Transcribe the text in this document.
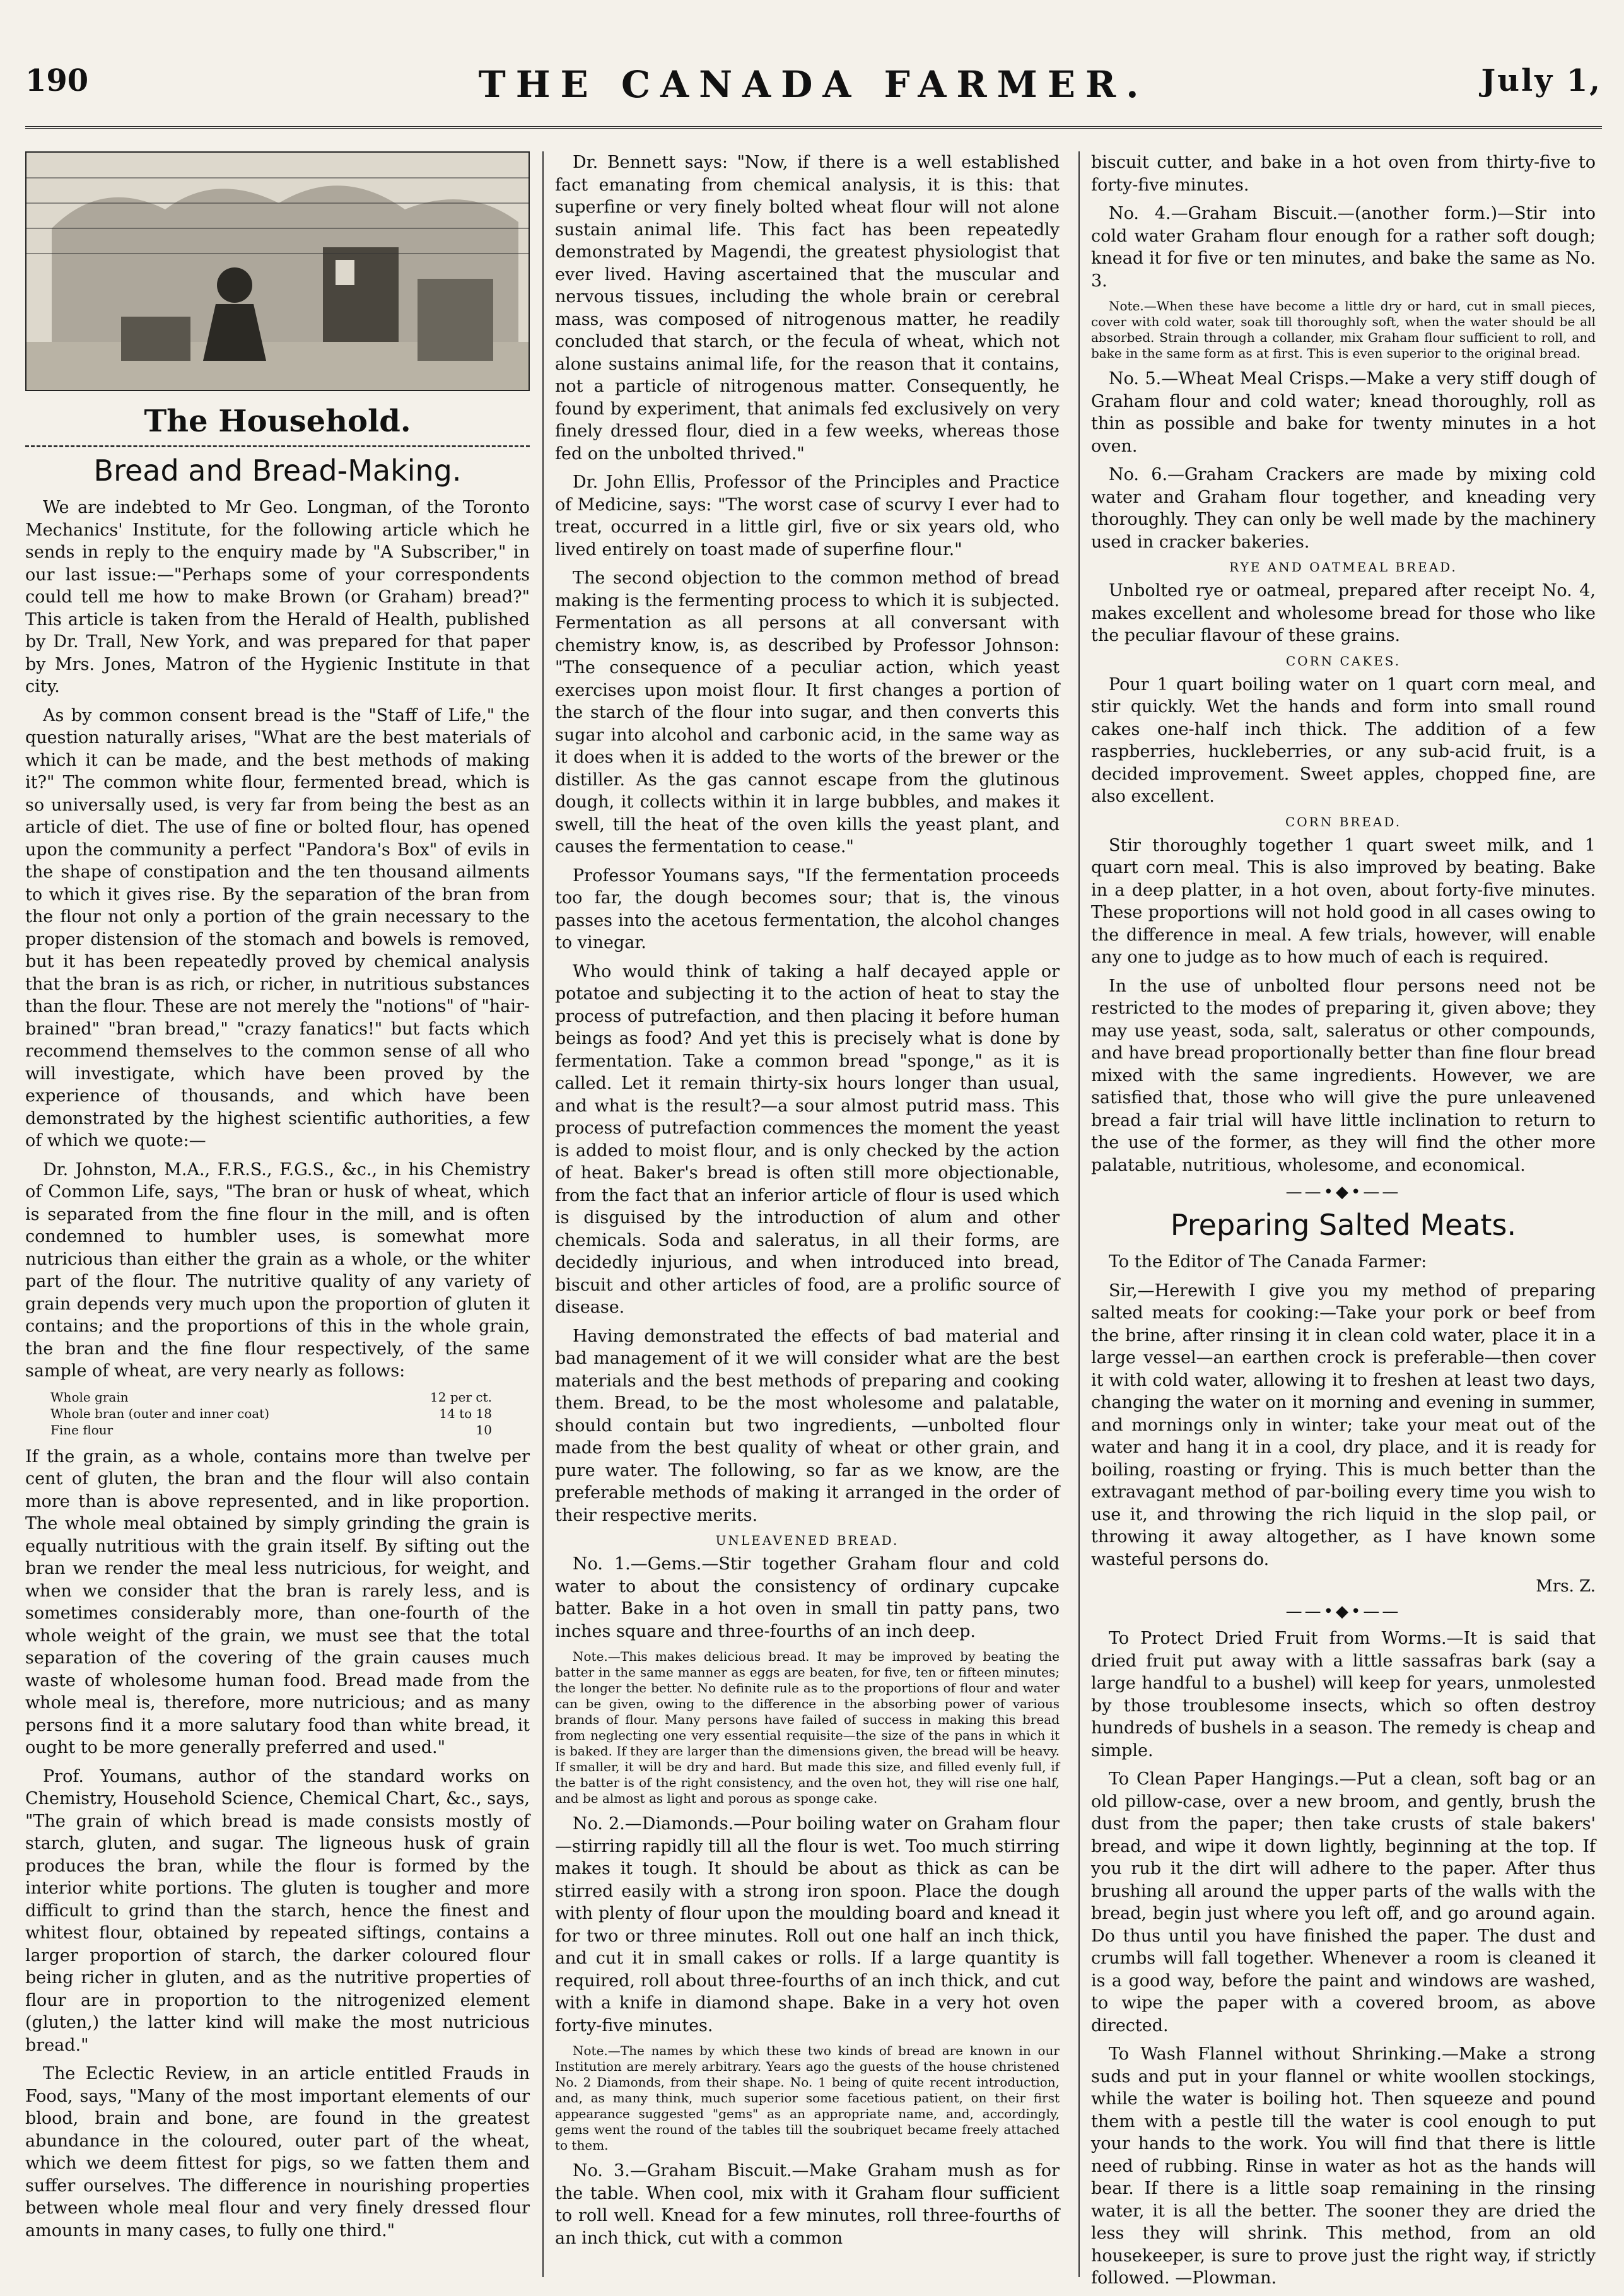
190	THE CANADA FARMER.	July 1,
The Household.
Bread and Bread-Making.

We are indebted to Mr Geo. Longman, of the Toronto Mechanics' Institute, for the following article which he sends in reply to the enquiry made by "A Subscriber," in our last issue:—"Perhaps some of your correspondents could tell me how to make Brown (or Graham) bread?" This article is taken from the Herald of Health, published by Dr. Trall, New York, and was prepared for that paper by Mrs. Jones, Matron of the Hygienic Institute in that city.

As by common consent bread is the "Staff of Life," the question naturally arises, "What are the best materials of which it can be made, and the best methods of making it?" The common white flour, fermented bread, which is so universally used, is very far from being the best as an article of diet. The use of fine or bolted flour, has opened upon the community a perfect "Pandora's Box" of evils in the shape of constipation and the ten thousand ailments to which it gives rise. By the separation of the bran from the flour not only a portion of the grain necessary to the proper distension of the stomach and bowels is removed, but it has been repeatedly proved by chemical analysis that the bran is as rich, or richer, in nutritious substances than the flour. These are not merely the "notions" of "hair-brained" "bran bread," "crazy fanatics!" but facts which recommend themselves to the common sense of all who will investigate, which have been proved by the experience of thousands, and which have been demonstrated by the highest scientific authorities, a few of which we quote:—

Dr. Johnston, M.A., F.R.S., F.G.S., &c., in his Chemistry of Common Life, says, "The bran or husk of wheat, which is separated from the fine flour in the mill, and is often condemned to humbler uses, is somewhat more nutricious than either the grain as a whole, or the whiter part of the flour. The nutritive quality of any variety of grain depends very much upon the proportion of gluten it contains; and the proportions of this in the whole grain, the bran and the fine flour respectively, of the same sample of wheat, are very nearly as follows:

Whole grain	12 per ct.
Whole bran (outer and inner coat)	14 to 18
Fine flour	10

If the grain, as a whole, contains more than twelve per cent of gluten, the bran and the flour will also contain more than is above represented, and in like proportion. The whole meal obtained by simply grinding the grain is equally nutritious with the grain itself. By sifting out the bran we render the meal less nutricious, for weight, and when we consider that the bran is rarely less, and is sometimes considerably more, than one-fourth of the whole weight of the grain, we must see that the total separation of the covering of the grain causes much waste of wholesome human food. Bread made from the whole meal is, therefore, more nutricious; and as many persons find it a more salutary food than white bread, it ought to be more generally preferred and used."

Prof. Youmans, author of the standard works on Chemistry, Household Science, Chemical Chart, &c., says, "The grain of which bread is made consists mostly of starch, gluten, and sugar. The ligneous husk of grain produces the bran, while the flour is formed by the interior white portions. The gluten is tougher and more difficult to grind than the starch, hence the finest and whitest flour, obtained by repeated siftings, contains a larger proportion of starch, the darker coloured flour being richer in gluten, and as the nutritive properties of flour are in proportion to the nitrogenized element (gluten,) the latter kind will make the most nutricious bread."

The Eclectic Review, in an article entitled Frauds in Food, says, "Many of the most important elements of our blood, brain and bone, are found in the greatest abundance in the coloured, outer part of the wheat, which we deem fittest for pigs, so we fatten them and suffer ourselves. The difference in nourishing properties between whole meal flour and very finely dressed flour amounts in many cases, to fully one third."

Dr. Bennett says: "Now, if there is a well established fact emanating from chemical analysis, it is this: that superfine or very finely bolted wheat flour will not alone sustain animal life. This fact has been repeatedly demonstrated by Magendi, the greatest physiologist that ever lived. Having ascertained that the muscular and nervous tissues, including the whole brain or cerebral mass, was composed of nitrogenous matter, he readily concluded that starch, or the fecula of wheat, which not alone sustains animal life, for the reason that it contains, not a particle of nitrogenous matter. Consequently, he found by experiment, that animals fed exclusively on very finely dressed flour, died in a few weeks, whereas those fed on the unbolted thrived."

Dr. John Ellis, Professor of the Principles and Practice of Medicine, says: "The worst case of scurvy I ever had to treat, occurred in a little girl, five or six years old, who lived entirely on toast made of superfine flour."

The second objection to the common method of bread making is the fermenting process to which it is subjected. Fermentation as all persons at all conversant with chemistry know, is, as described by Professor Johnson: "The consequence of a peculiar action, which yeast exercises upon moist flour. It first changes a portion of the starch of the flour into sugar, and then converts this sugar into alcohol and carbonic acid, in the same way as it does when it is added to the worts of the brewer or the distiller. As the gas cannot escape from the glutinous dough, it collects within it in large bubbles, and makes it swell, till the heat of the oven kills the yeast plant, and causes the fermentation to cease."

Professor Youmans says, "If the fermentation proceeds too far, the dough becomes sour; that is, the vinous passes into the acetous fermentation, the alcohol changes to vinegar.

Who would think of taking a half decayed apple or potatoe and subjecting it to the action of heat to stay the process of putrefaction, and then placing it before human beings as food? And yet this is precisely what is done by fermentation. Take a common bread "sponge," as it is called. Let it remain thirty-six hours longer than usual, and what is the result?—a sour almost putrid mass. This process of putrefaction commences the moment the yeast is added to moist flour, and is only checked by the action of heat. Baker's bread is often still more objectionable, from the fact that an inferior article of flour is used which is disguised by the introduction of alum and other chemicals. Soda and saleratus, in all their forms, are decidedly injurious, and when introduced into bread, biscuit and other articles of food, are a prolific source of disease.

Having demonstrated the effects of bad material and bad management of it we will consider what are the best materials and the best methods of preparing and cooking them. Bread, to be the most wholesome and palatable, should contain but two ingredients, —unbolted flour made from the best quality of wheat or other grain, and pure water. The following, so far as we know, are the preferable methods of making it arranged in the order of their respective merits.

UNLEAVENED BREAD.

No. 1.—Gems.—Stir together Graham flour and cold water to about the consistency of ordinary cupcake batter. Bake in a hot oven in small tin patty pans, two inches square and three-fourths of an inch deep.

Note.—This makes delicious bread. It may be improved by beating the batter in the same manner as eggs are beaten, for five, ten or fifteen minutes; the longer the better. No definite rule as to the proportions of flour and water can be given, owing to the difference in the absorbing power of various brands of flour. Many persons have failed of success in making this bread from neglecting one very essential requisite—the size of the pans in which it is baked. If they are larger than the dimensions given, the bread will be heavy. If smaller, it will be dry and hard. But made this size, and filled evenly full, if the batter is of the right consistency, and the oven hot, they will rise one half, and be almost as light and porous as sponge cake.

No. 2.—Diamonds.—Pour boiling water on Graham flour—stirring rapidly till all the flour is wet. Too much stirring makes it tough. It should be about as thick as can be stirred easily with a strong iron spoon. Place the dough with plenty of flour upon the moulding board and knead it for two or three minutes. Roll out one half an inch thick, and cut it in small cakes or rolls. If a large quantity is required, roll about three-fourths of an inch thick, and cut with a knife in diamond shape. Bake in a very hot oven forty-five minutes.

Note.—The names by which these two kinds of bread are known in our Institution are merely arbitrary. Years ago the guests of the house christened No. 2 Diamonds, from their shape. No. 1 being of quite recent introduction, and, as many think, much superior some facetious patient, on their first appearance suggested "gems" as an appropriate name, and, accordingly, gems went the round of the tables till the soubriquet became freely attached to them.

No. 3.—Graham Biscuit.—Make Graham mush as for the table. When cool, mix with it Graham flour sufficient to roll well. Knead for a few minutes, roll three-fourths of an inch thick, cut with a common

biscuit cutter, and bake in a hot oven from thirty-five to forty-five minutes.

No. 4.—Graham Biscuit.—(another form.)—Stir into cold water Graham flour enough for a rather soft dough; knead it for five or ten minutes, and bake the same as No. 3.

Note.—When these have become a little dry or hard, cut in small pieces, cover with cold water, soak till thoroughly soft, when the water should be all absorbed. Strain through a collander, mix Graham flour sufficient to roll, and bake in the same form as at first. This is even superior to the original bread.

No. 5.—Wheat Meal Crisps.—Make a very stiff dough of Graham flour and cold water; knead thoroughly, roll as thin as possible and bake for twenty minutes in a hot oven.

No. 6.—Graham Crackers are made by mixing cold water and Graham flour together, and kneading very thoroughly. They can only be well made by the machinery used in cracker bakeries.

RYE AND OATMEAL BREAD.

Unbolted rye or oatmeal, prepared after receipt No. 4, makes excellent and wholesome bread for those who like the peculiar flavour of these grains.

CORN CAKES.

Pour 1 quart boiling water on 1 quart corn meal, and stir quickly. Wet the hands and form into small round cakes one-half inch thick. The addition of a few raspberries, huckleberries, or any sub-acid fruit, is a decided improvement. Sweet apples, chopped fine, are also excellent.

CORN BREAD.

Stir thoroughly together 1 quart sweet milk, and 1 quart corn meal. This is also improved by beating. Bake in a deep platter, in a hot oven, about forty-five minutes. These proportions will not hold good in all cases owing to the difference in meal. A few trials, however, will enable any one to judge as to how much of each is required.

In the use of unbolted flour persons need not be restricted to the modes of preparing it, given above; they may use yeast, soda, salt, saleratus or other compounds, and have bread proportionally better than fine flour bread mixed with the same ingredients. However, we are satisfied that, those who will give the pure unleavened bread a fair trial will have little inclination to return to the use of the former, as they will find the other more palatable, nutritious, wholesome, and economical.

——•◆•——
Preparing Salted Meats.

To the Editor of The Canada Farmer:

Sir,—Herewith I give you my method of preparing salted meats for cooking:—Take your pork or beef from the brine, after rinsing it in clean cold water, place it in a large vessel—an earthen crock is preferable—then cover it with cold water, allowing it to freshen at least two days, changing the water on it morning and evening in summer, and mornings only in winter; take your meat out of the water and hang it in a cool, dry place, and it is ready for boiling, roasting or frying. This is much better than the extravagant method of par-boiling every time you wish to use it, and throwing the rich liquid in the slop pail, or throwing it away altogether, as I have known some wasteful persons do.

Mrs. Z.
——•◆•——

To Protect Dried Fruit from Worms.—It is said that dried fruit put away with a little sassafras bark (say a large handful to a bushel) will keep for years, unmolested by those troublesome insects, which so often destroy hundreds of bushels in a season. The remedy is cheap and simple.

To Clean Paper Hangings.—Put a clean, soft bag or an old pillow-case, over a new broom, and gently, brush the dust from the paper; then take crusts of stale bakers' bread, and wipe it down lightly, beginning at the top. If you rub it the dirt will adhere to the paper. After thus brushing all around the upper parts of the walls with the bread, begin just where you left off, and go around again. Do thus until you have finished the paper. The dust and crumbs will fall together. Whenever a room is cleaned it is a good way, before the paint and windows are washed, to wipe the paper with a covered broom, as above directed.

To Wash Flannel without Shrinking.—Make a strong suds and put in your flannel or white woollen stockings, while the water is boiling hot. Then squeeze and pound them with a pestle till the water is cool enough to put your hands to the work. You will find that there is little need of rubbing. Rinse in water as hot as the hands will bear. If there is a little soap remaining in the rinsing water, it is all the better. The sooner they are dried the less they will shrink. This method, from an old housekeeper, is sure to prove just the right way, if strictly followed. —Plowman.
